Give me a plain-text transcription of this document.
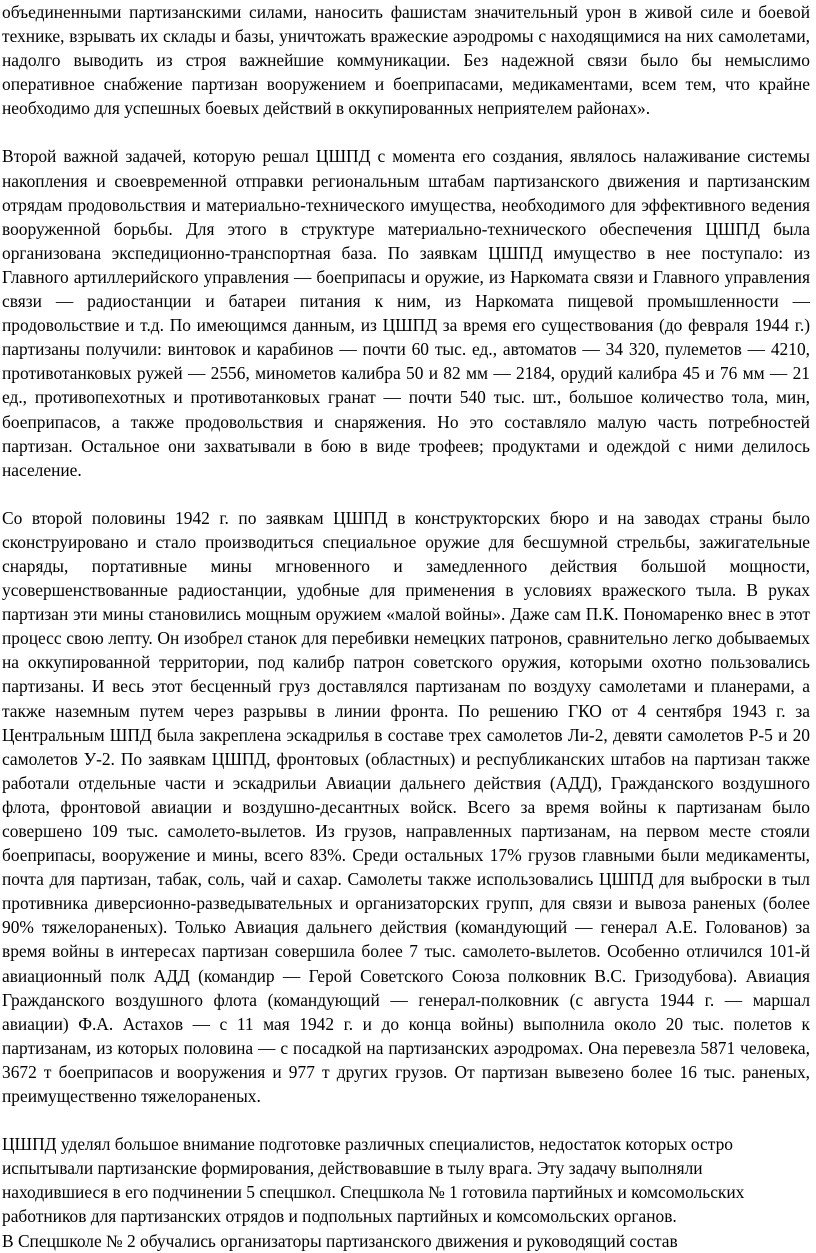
объединенными партизанскими силами, наносить фашистам значительный урон в живой силе и боевой технике, взрывать их склады и базы, уничтожать вражеские аэродромы с находящимися на них самолетами, надолго выводить из строя важнейшие коммуникации. Без надежной связи было бы немыслимо оперативное снабжение партизан вооружением и боеприпасами, медикаментами, всем тем, что крайне необходимо для успешных боевых действий в оккупированных неприятелем районах».

Второй важной задачей, которую решал ЦШПД с момента его создания, являлось налаживание системы накопления и своевременной отправки региональным штабам партизанского движения и партизанским отрядам продовольствия и материально-технического имущества, необходимого для эффективного ведения вооруженной борьбы. Для этого в структуре материально-технического обеспечения ЦШПД была организована экспедиционно-транспортная база. По заявкам ЦШПД имущество в нее поступало: из Главного артиллерийского управления — боеприпасы и оружие, из Наркомата связи и Главного управления связи — радиостанции и батареи питания к ним, из Наркомата пищевой промышленности — продовольствие и т.д. По имеющимся данным, из ЦШПД за время его существования (до февраля 1944 г.) партизаны получили: винтовок и карабинов — почти 60 тыс. ед., автоматов — 34 320, пулеметов — 4210, противотанковых ружей — 2556, минометов калибра 50 и 82 мм — 2184, орудий калибра 45 и 76 мм — 21 ед., противопехотных и противотанковых гранат — почти 540 тыс. шт., большое количество тола, мин, боеприпасов, а также продовольствия и снаряжения. Но это составляло малую часть потребностей партизан. Остальное они захватывали в бою в виде трофеев; продуктами и одеждой с ними делилось население.

Со второй половины 1942 г. по заявкам ЦШПД в конструкторских бюро и на заводах страны было сконструировано и стало производиться специальное оружие для бесшумной стрельбы, зажигательные снаряды, портативные мины мгновенного и замедленного действия большой мощности, усовершенствованные радиостанции, удобные для применения в условиях вражеского тыла. В руках партизан эти мины становились мощным оружием «малой войны». Даже сам П.К. Пономаренко внес в этот процесс свою лепту. Он изобрел станок для перебивки немецких патронов, сравнительно легко добываемых на оккупированной территории, под калибр патрон советского оружия, которыми охотно пользовались партизаны. И весь этот бесценный груз доставлялся партизанам по воздуху самолетами и планерами, а также наземным путем через разрывы в линии фронта. По решению ГКО от 4 сентября 1943 г. за Центральным ШПД была закреплена эскадрилья в составе трех самолетов Ли-2, девяти самолетов Р-5 и 20 самолетов У-2. По заявкам ЦШПД, фронтовых (областных) и республиканских штабов на партизан также работали отдельные части и эскадрильи Авиации дальнего действия (АДД), Гражданского воздушного флота, фронтовой авиации и воздушно-десантных войск. Всего за время войны к партизанам было совершено 109 тыс. самолето-вылетов. Из грузов, направленных партизанам, на первом месте стояли боеприпасы, вооружение и мины, всего 83%. Среди остальных 17% грузов главными были медикаменты, почта для партизан, табак, соль, чай и сахар. Самолеты также использовались ЦШПД для выброски в тыл противника диверсионно-разведывательных и организаторских групп, для связи и вывоза раненых (более 90% тяжелораненых). Только Авиация дальнего действия (командующий — генерал А.Е. Голованов) за время войны в интересах партизан совершила более 7 тыс. самолето-вылетов. Особенно отличился 101-й авиационный полк АДД (командир — Герой Советского Союза полковник В.С. Гризодубова). Авиация Гражданского воздушного флота (командующий — генерал-полковник (с августа 1944 г. — маршал авиации) Ф.А. Астахов — с 11 мая 1942 г. и до конца войны) выполнила около 20 тыс. полетов к партизанам, из которых половина — с посадкой на партизанских аэродромах. Она перевезла 5871 человека, 3672 т боеприпасов и вооружения и 977 т других грузов. От партизан вывезено более 16 тыс. раненых, преимущественно тяжелораненых.

ЦШПД уделял большое внимание подготовке различных специалистов, недостаток которых остро испытывали партизанские формирования, действовавшие в тылу врага. Эту задачу выполняли находившиеся в его подчинении 5 спецшкол. Спецшкола № 1 готовила партийных и комсомольских работников для партизанских отрядов и подпольных партийных и комсомольских органов.

В Спецшколе № 2 обучались организаторы партизанского движения и руководящий состав
